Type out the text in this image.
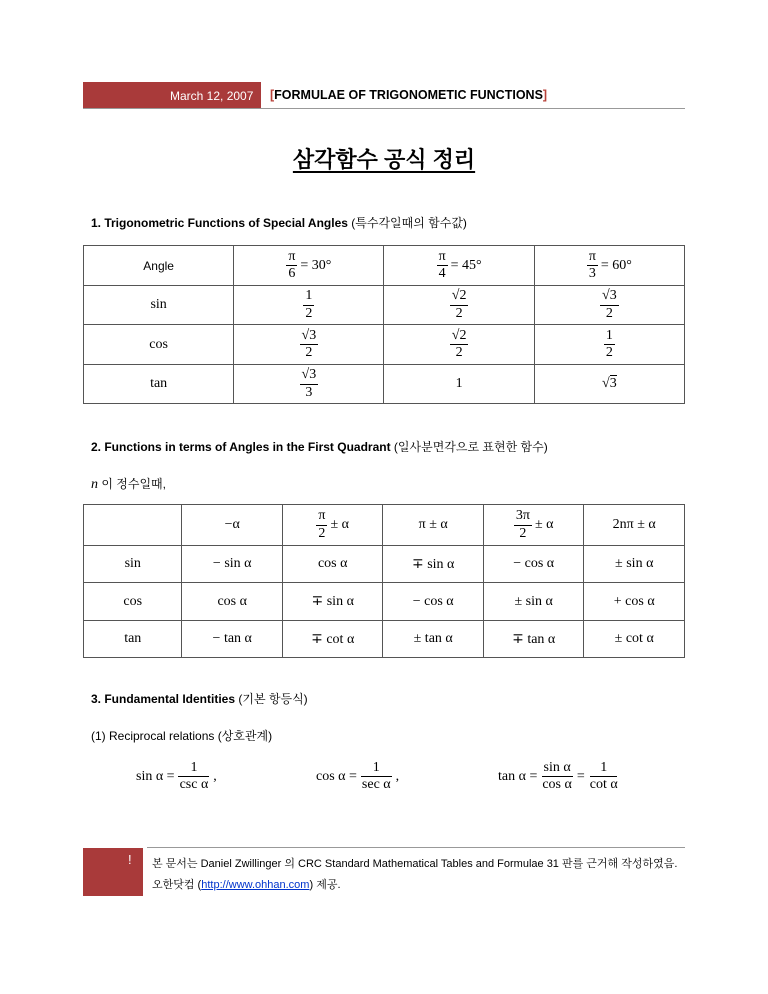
March 12, 2007 [FORMULAE OF TRIGONOMETIC FUNCTIONS]
삼각함수 공식 정리
1. Trigonometric Functions of Special Angles (특수각일때의 함수값)
Angle	$\frac{\pi}{6} = 30^\circ$	$\frac{\pi}{4} = 45^\circ$	$\frac{\pi}{3} = 60^\circ$

sin	$\frac{1}{2}$	$\frac{√2}{2}$	$\frac{√3}{2}$

cos	$\frac{√3}{2}$	$\frac{√2}{2}$	$\frac{1}{2}$

tan	$\frac{√3}{3}$	1	√3
2. Functions in terms of Angles in the First Quadrant (일사분면각으로 표현한 함수)
n 이 정수일때,
	−α	$\frac{\pi}{2} \pm \alpha$	π ± α	$\frac{3\pi}{2} \pm \alpha$	2nπ ± α
sin	− sin α	cos α	∓ sin α	− cos α	± sin α
cos	cos α	∓ sin α	− cos α	± sin α	+ cos α
tan	− tan α	∓ cot α	± tan α	∓ tan α	± cot α
3. Fundamental Identities (기본 항등식)
(1) Reciprocal relations (상호관계)
$\sin \alpha = \frac{1}{\text{csc α}}$ ,	$\cos \alpha = \frac{1}{\text{sec α}}$ ,	$\tan \alpha = \frac{\text{sin α}}{\text{cos α}} = \frac{1}{\text{cot α}}$
! 본 문서는 Daniel Zwillinger 의 CRC Standard Mathematical Tables and Formulae 31 판를 근거해 작성하였음.
오한닷컴 (http://www.ohhan.com) 제공.
